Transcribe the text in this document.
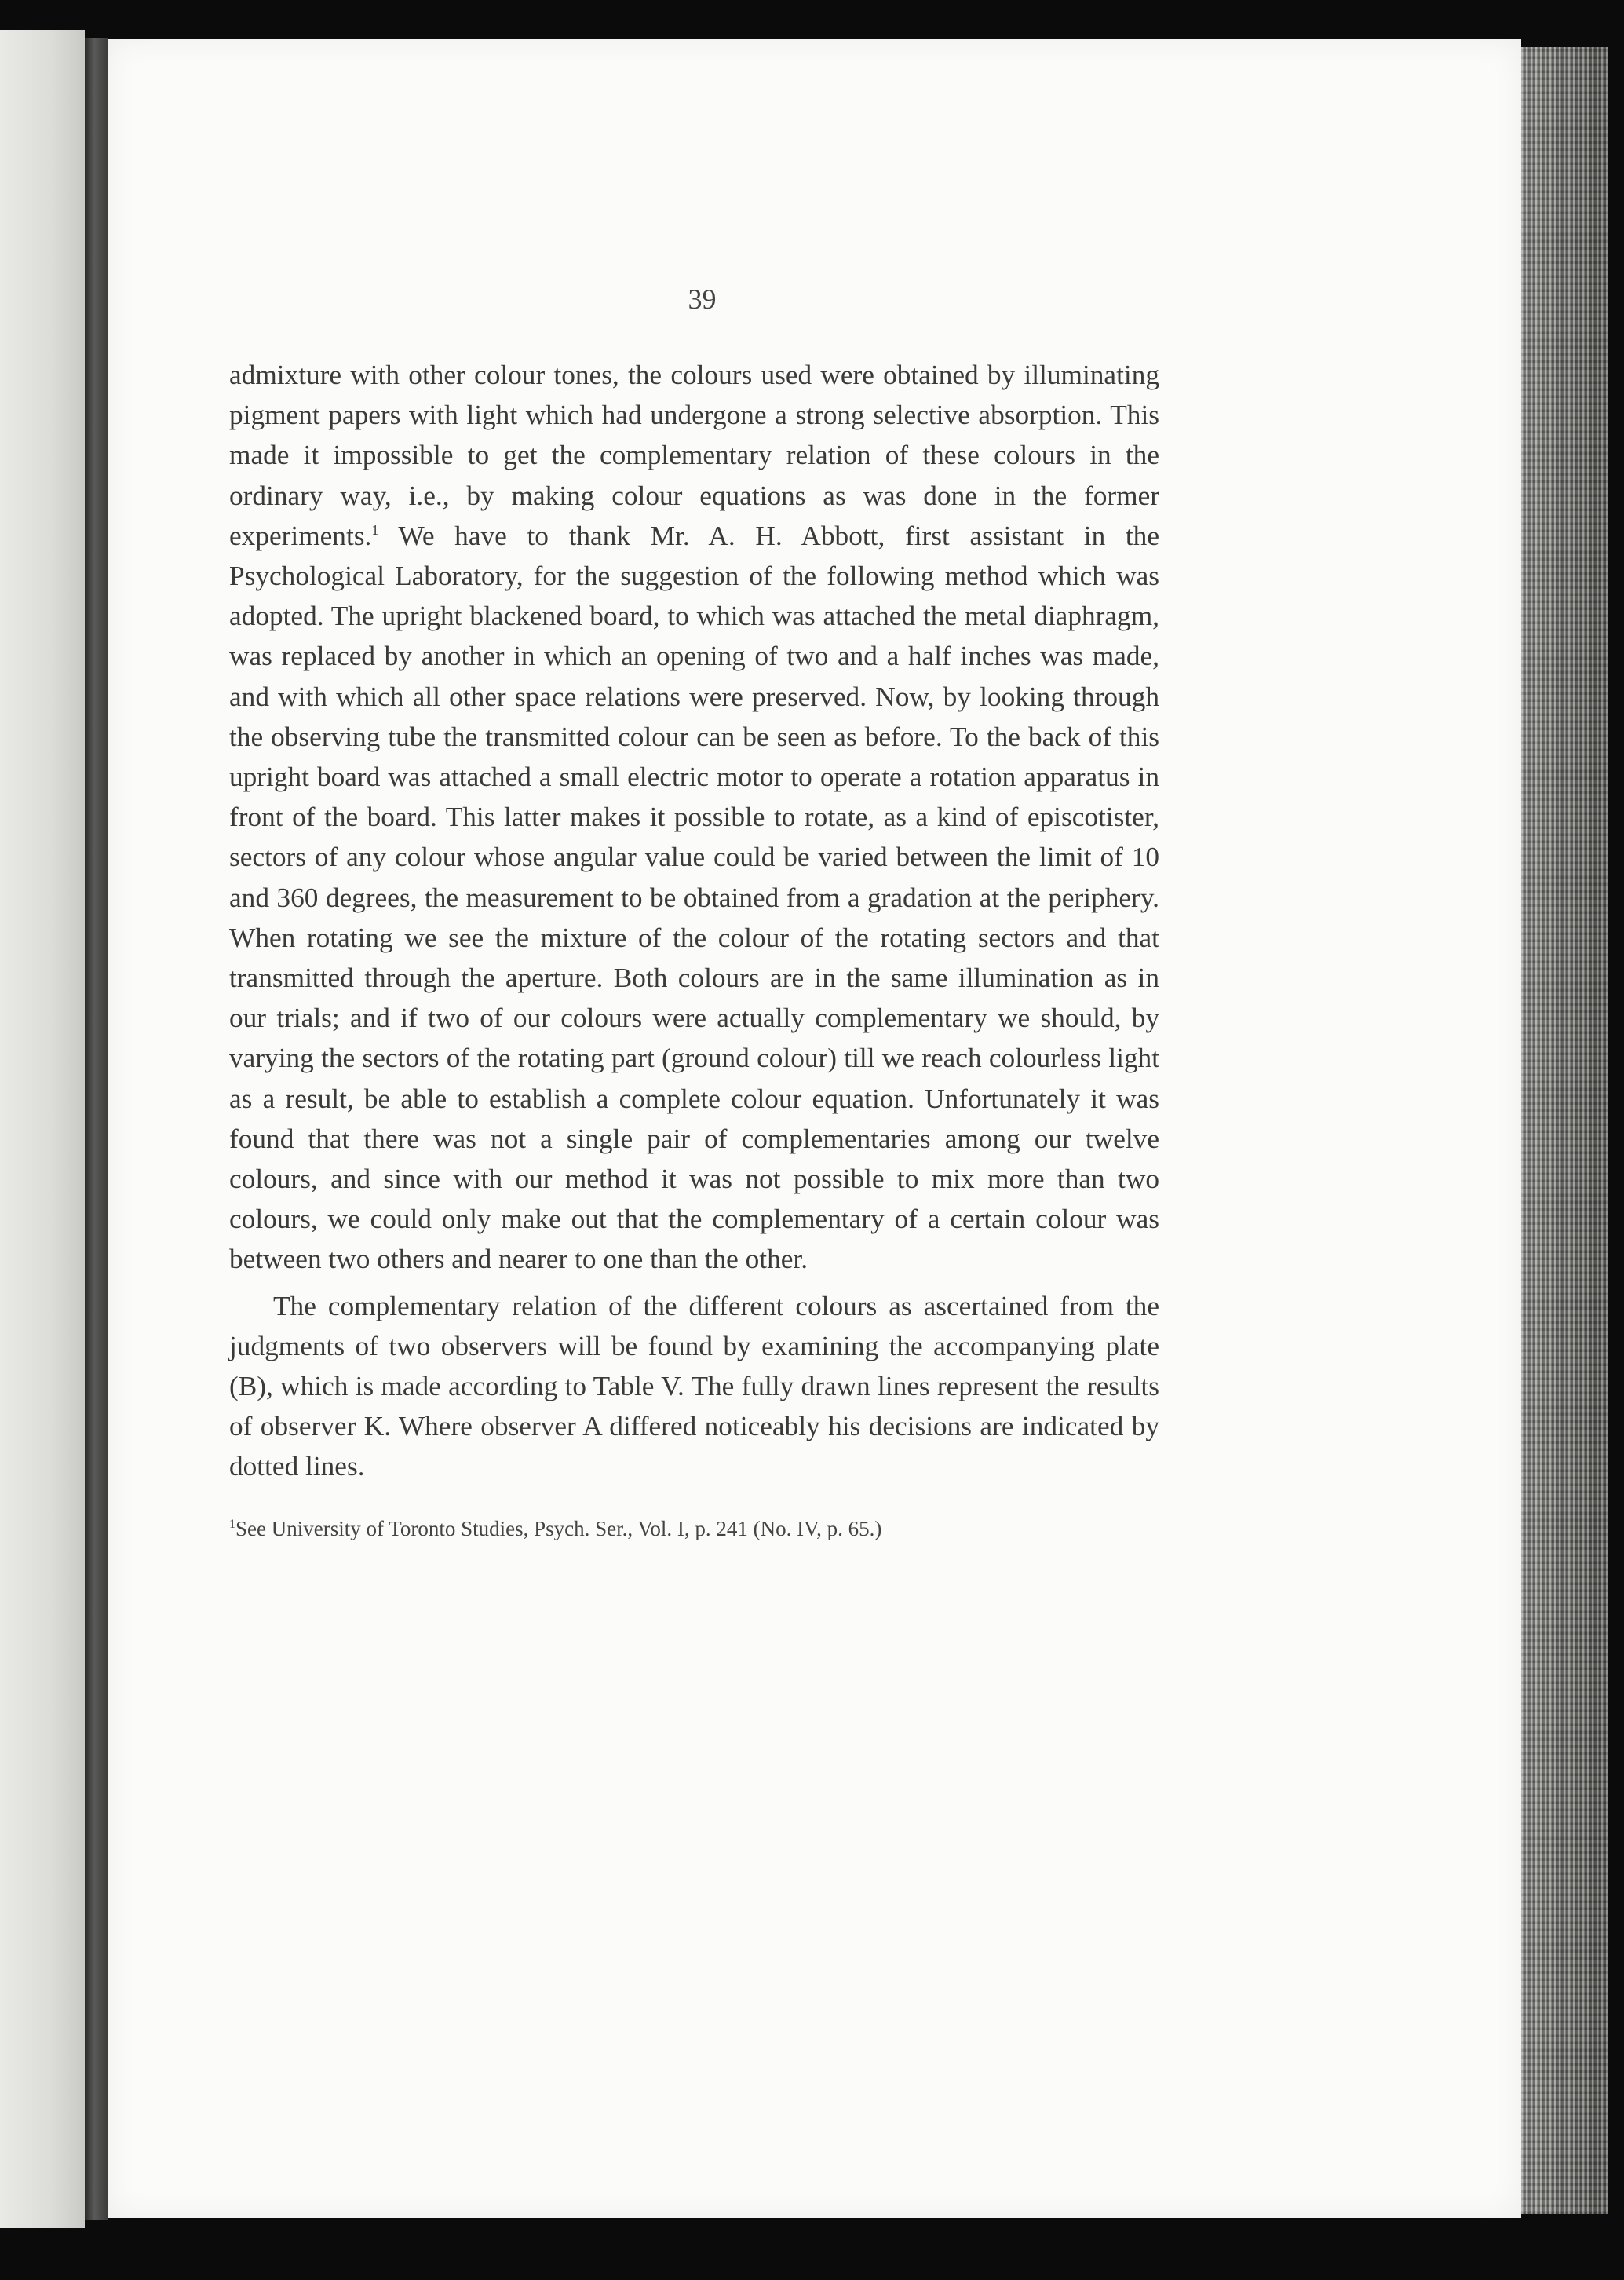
39

admixture with other colour tones, the colours used were obtained by illuminating pigment papers with light which had undergone a strong selective absorption. This made it impossible to get the complementary relation of these colours in the ordinary way, i.e., by making colour equations as was done in the former experiments.$^1$ We have to thank Mr. A. H. Abbott, first assistant in the Psychological Laboratory, for the suggestion of the following method which was adopted. The upright blackened board, to which was attached the metal diaphragm, was replaced by another in which an opening of two and a half inches was made, and with which all other space relations were preserved. Now, by looking through the observing tube the transmitted colour can be seen as before. To the back of this upright board was attached a small electric motor to operate a rotation apparatus in front of the board. This latter makes it possible to rotate, as a kind of episcotister, sectors of any colour whose angular value could be varied between the limit of 10 and 360 degrees, the measurement to be obtained from a gradation at the periphery. When rotating we see the mixture of the colour of the rotating sectors and that transmitted through the aperture. Both colours are in the same illumination as in our trials; and if two of our colours were actually complementary we should, by varying the sectors of the rotating part (ground colour) till we reach colourless light as a result, be able to establish a complete colour equation. Unfortunately it was found that there was not a single pair of complementaries among our twelve colours, and since with our method it was not possible to mix more than two colours, we could only make out that the complementary of a certain colour was between two others and nearer to one than the other.

The complementary relation of the different colours as ascertained from the judgments of two observers will be found by examining the accompanying plate (B), which is made according to Table V. The fully drawn lines represent the results of observer K. Where observer A differed noticeably his decisions are indicated by dotted lines.

$^1$See University of Toronto Studies, Psych. Ser., Vol. I, p. 241 (No. IV, p. 65.)
